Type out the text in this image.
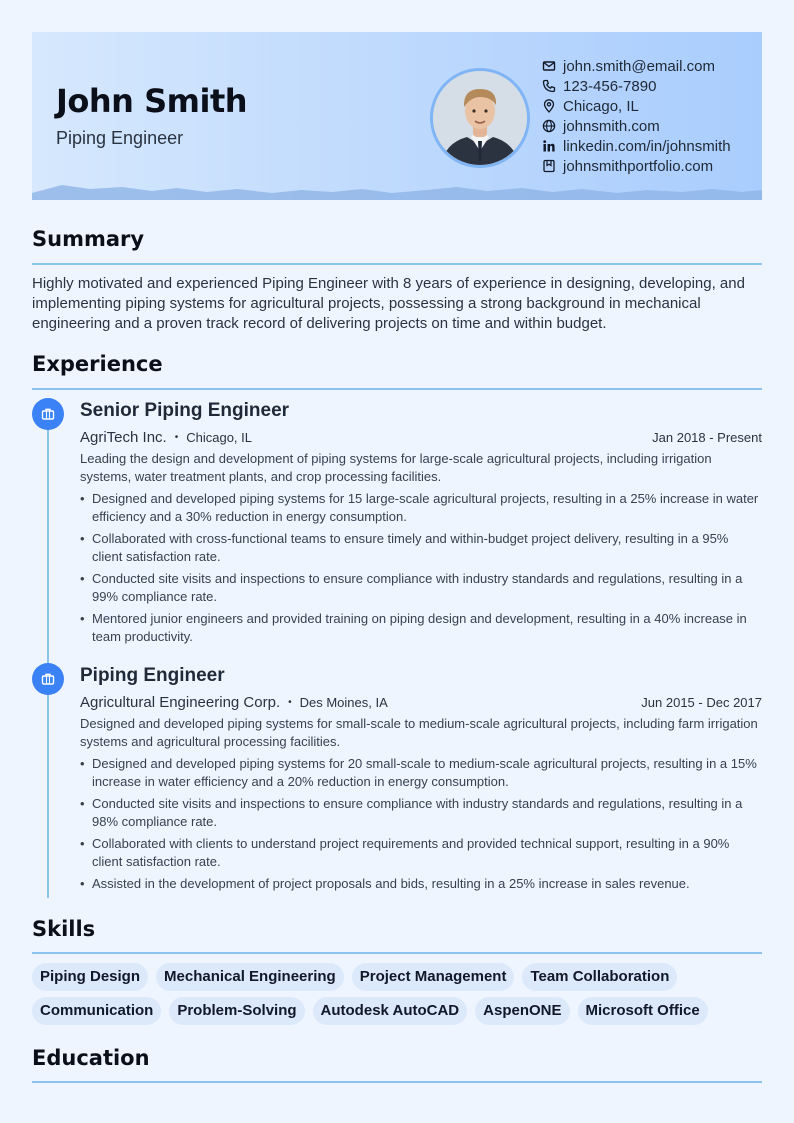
John Smith
Piping Engineer
john.smith@email.com
123-456-7890
Chicago, IL
johnsmith.com
linkedin.com/in/johnsmith
johnsmithportfolio.com
Summary

Highly motivated and experienced Piping Engineer with 8 years of experience in designing, developing, and implementing piping systems for agricultural projects, possessing a strong background in mechanical engineering and a proven track record of delivering projects on time and within budget.

Experience
Senior Piping Engineer
AgriTech Inc. • Chicago, IL	Jan 2018 - Present

Leading the design and development of piping systems for large-scale agricultural projects, including irrigation systems, water treatment plants, and crop processing facilities.

• Designed and developed piping systems for 15 large-scale agricultural projects, resulting in a 25% increase in water efficiency and a 30% reduction in energy consumption.
• Collaborated with cross-functional teams to ensure timely and within-budget project delivery, resulting in a 95% client satisfaction rate.
• Conducted site visits and inspections to ensure compliance with industry standards and regulations, resulting in a 99% compliance rate.
• Mentored junior engineers and provided training on piping design and development, resulting in a 40% increase in team productivity.
Piping Engineer
Agricultural Engineering Corp. • Des Moines, IA	Jun 2015 - Dec 2017

Designed and developed piping systems for small-scale to medium-scale agricultural projects, including farm irrigation systems and agricultural processing facilities.

• Designed and developed piping systems for 20 small-scale to medium-scale agricultural projects, resulting in a 15% increase in water efficiency and a 20% reduction in energy consumption.
• Conducted site visits and inspections to ensure compliance with industry standards and regulations, resulting in a 98% compliance rate.
• Collaborated with clients to understand project requirements and provided technical support, resulting in a 90% client satisfaction rate.
• Assisted in the development of project proposals and bids, resulting in a 25% increase in sales revenue.
Skills
Piping Design	Mechanical Engineering	Project Management	Team Collaboration
Communication	Problem-Solving	Autodesk AutoCAD	AspenONE	Microsoft Office
Education
